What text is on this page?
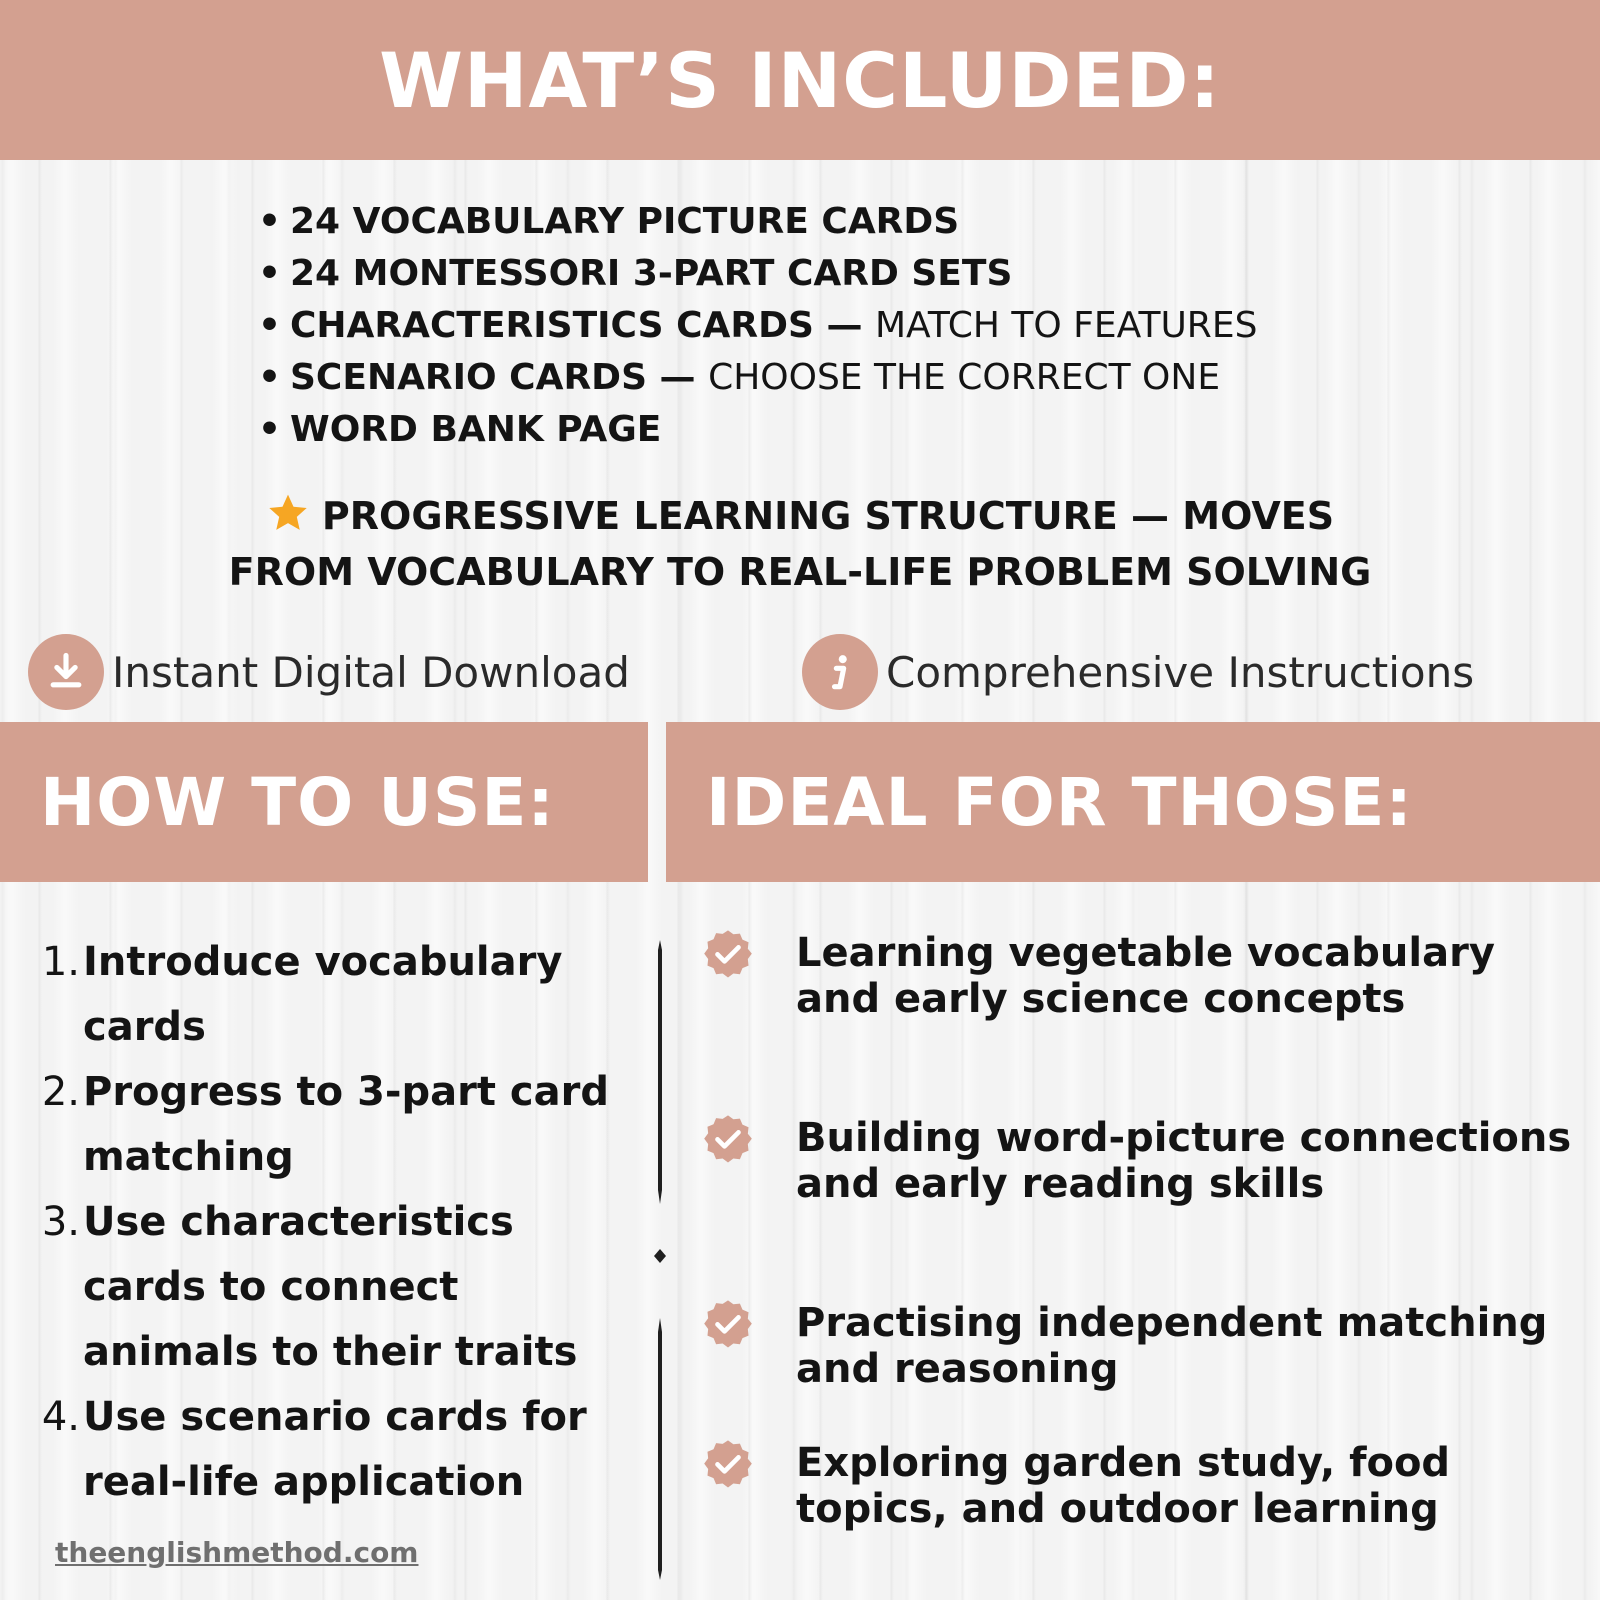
WHAT’S INCLUDED:
• 24 VOCABULARY PICTURE CARDS
• 24 MONTESSORI 3-PART CARD SETS
• CHARACTERISTICS CARDS — MATCH TO FEATURES
• SCENARIO CARDS — CHOOSE THE CORRECT ONE
• WORD BANK PAGE
PROGRESSIVE LEARNING STRUCTURE — MOVES
FROM VOCABULARY TO REAL-LIFE PROBLEM SOLVING
Instant Digital Download	Comprehensive Instructions
HOW TO USE: IDEAL FOR THOSE:
1. Introduce vocabulary cards
2. Progress to 3-part card matching
3. Use characteristics cards to connect animals to their traits
4. Use scenario cards for real-life application
Learning vegetable vocabulary and early science concepts
Building word-picture connections and early reading skills
Practising independent matching and reasoning
Exploring garden study, food topics, and outdoor learning
theenglishmethod.com
